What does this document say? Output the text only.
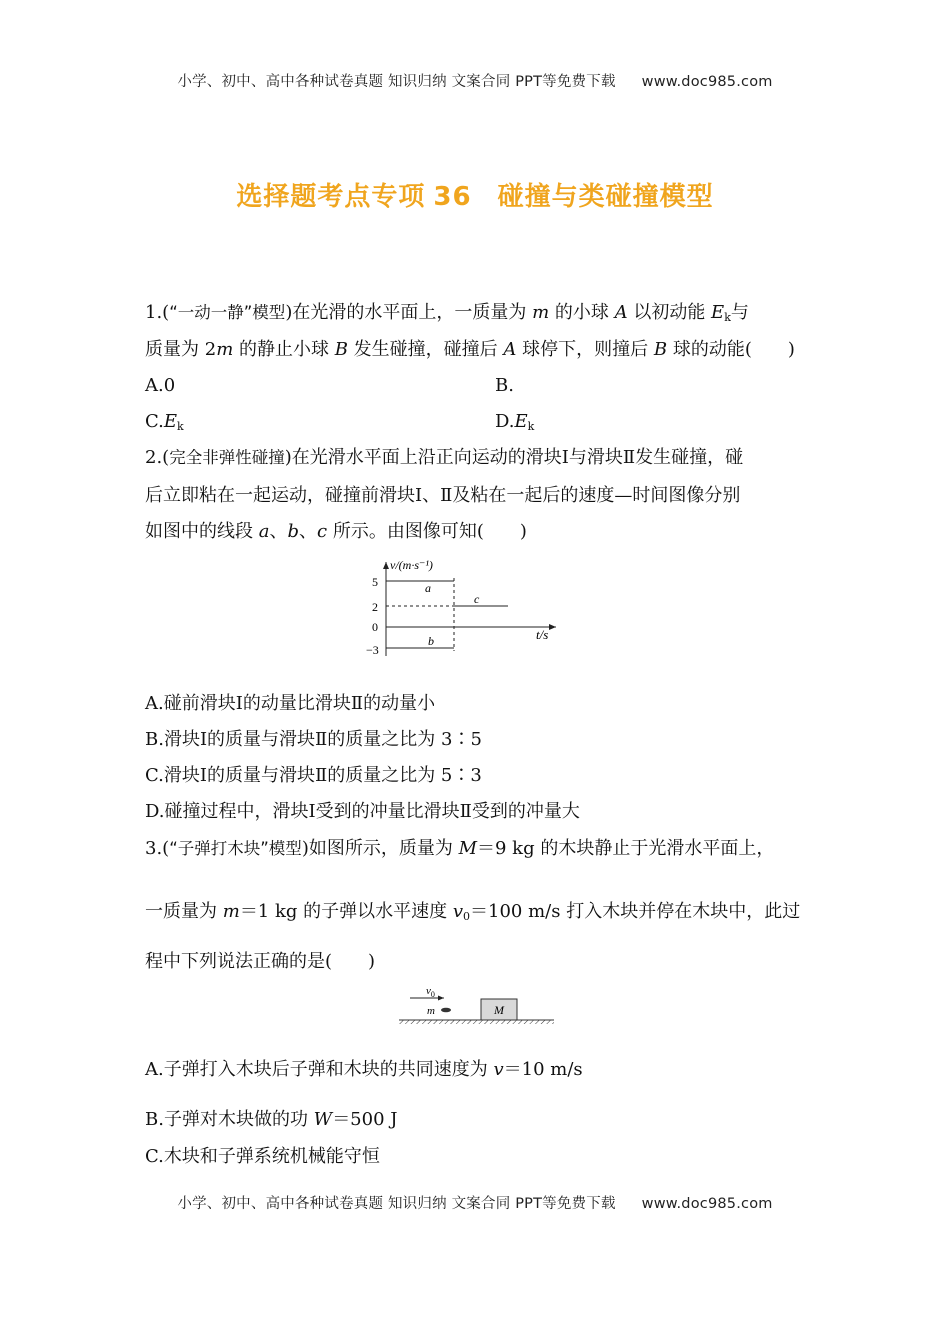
小学、初中、高中各种试卷真题 知识归纳 文案合同 PPT等免费下载 www.doc985.com
选择题考点专项 36 碰撞与类碰撞模型
1.(“一动一静”模型)在光滑的水平面上，一质量为 m 的小球 A 以初动能 $E_k$与
质量为 2m 的静止小球 B 发生碰撞，碰撞后 A 球停下，则撞后 B 球的动能(　　)
A.0	B.
$C.E_k$	$D.E_k$
2.(完全非弹性碰撞)在光滑水平面上沿正向运动的滑块Ⅰ与滑块Ⅱ发生碰撞，碰
后立即粘在一起运动，碰撞前滑块Ⅰ、Ⅱ及粘在一起后的速度—时间图像分别
如图中的线段 a、b、c 所示。由图像可知(　　)
v/(m·s⁻¹)
t/s
5
2
0
−3
a
c
b
A.碰前滑块Ⅰ的动量比滑块Ⅱ的动量小
B.滑块Ⅰ的质量与滑块Ⅱ的质量之比为 3∶5
C.滑块Ⅰ的质量与滑块Ⅱ的质量之比为 5∶3
D.碰撞过程中，滑块Ⅰ受到的冲量比滑块Ⅱ受到的冲量大
3.(“子弹打木块”模型)如图所示，质量为 M＝9 kg 的木块静止于光滑水平面上，
一质量为 m＝1 kg 的子弹以水平速度 $v_0=100$ m/s 打入木块并停在木块中，此过
程中下列说法正确的是(　　)
$v_0$
m	M
A.子弹打入木块后子弹和木块的共同速度为 v＝10 m/s
B.子弹对木块做的功 W＝500 J
C.木块和子弹系统机械能守恒
小学、初中、高中各种试卷真题 知识归纳 文案合同 PPT等免费下载 www.doc985.com
